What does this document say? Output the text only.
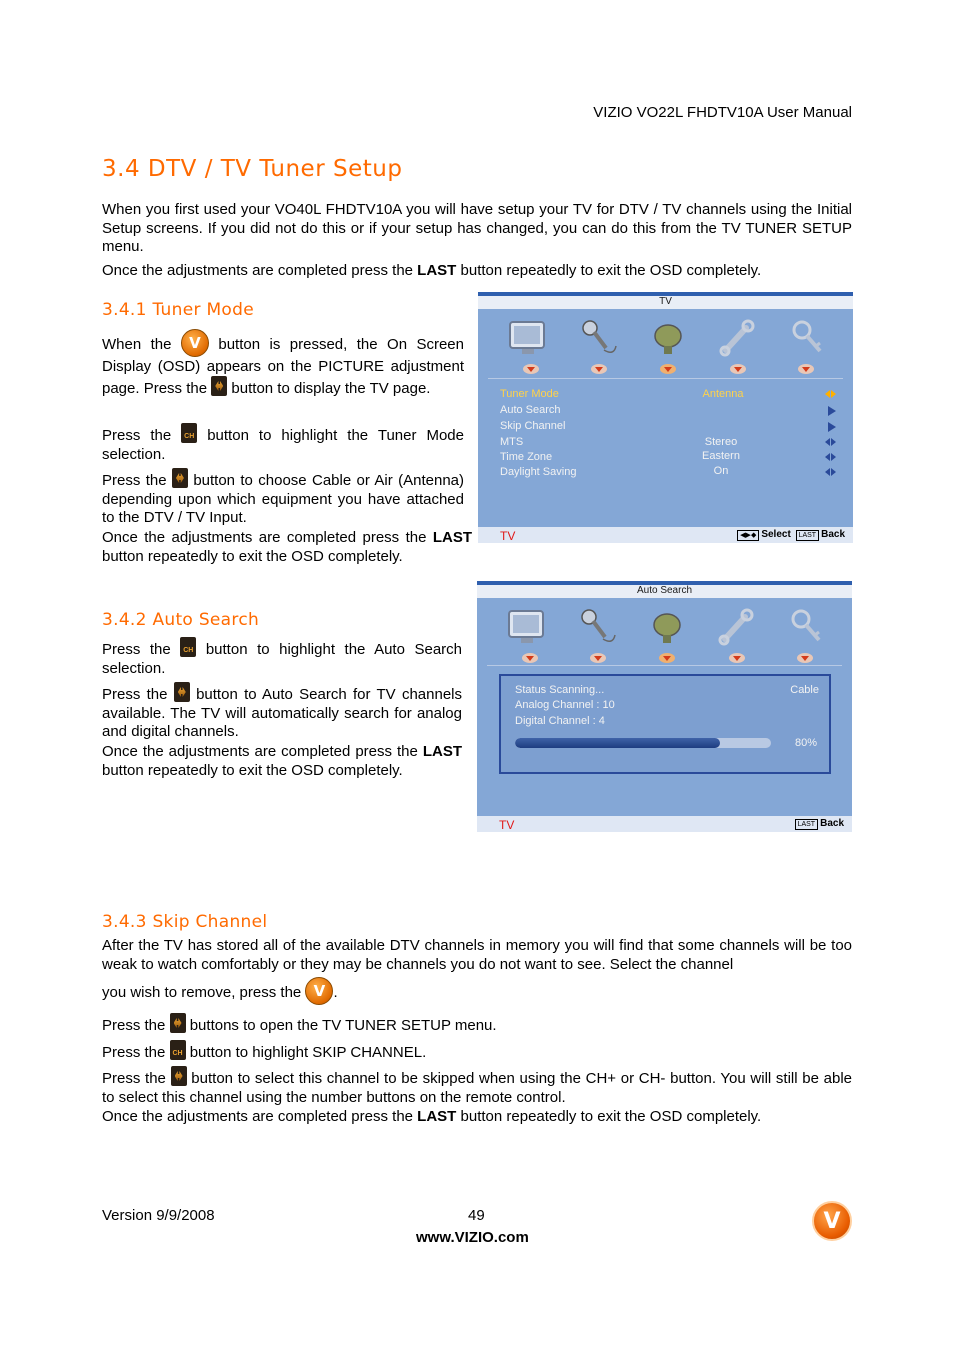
VIZIO VO22L FHDTV10A User Manual
3.4 DTV / TV Tuner Setup
When you first used your VO40L FHDTV10A you will have setup your TV for DTV / TV channels using the Initial Setup screens. If you did not do this or if your setup has changed, you can do this from the TV TUNER SETUP menu.
Once the adjustments are completed press the LAST button repeatedly to exit the OSD completely.
3.4.1 Tuner Mode
When the V	button is pressed, the On Screen Display (OSD) appears on the PICTURE adjustment page. Press the button to display the TV page.
Press the CH button to highlight the Tuner Mode selection.
Press the button to choose Cable or Air (Antenna) depending upon which equipment you have attached to the DTV / TV Input.
Once the adjustments are completed press the LAST button repeatedly to exit the OSD completely.
TV
Tuner Mode	Antenna
Auto Search
Skip Channel
MTS	Stereo
Time Zone	Eastern
Daylight Saving	On
TV	◀▶◆ Select LAST Back
3.4.2 Auto Search
Press the CH button to highlight the Auto Search selection.
Press the button to Auto Search for TV channels available. The TV will automatically search for analog and digital channels.
Once the adjustments are completed press the LAST button repeatedly to exit the OSD completely.
Auto Search
Status Scanning...	Cable
Analog Channel : 10
Digital Channel : 4
80%
TV	LAST Back
3.4.3 Skip Channel
After the TV has stored all of the available DTV channels in memory you will find that some channels will be too weak to watch comfortably or they may be channels you do not want to see. Select the channel
you wish to remove, press the V .
Press the buttons to open the TV TUNER SETUP menu.
Press the CH button to highlight SKIP CHANNEL.
Press the button to select this channel to be skipped when using the CH+ or CH- button. You will still be able to select this channel using the number buttons on the remote control.
Once the adjustments are completed press the LAST button repeatedly to exit the OSD completely.
Version 9/9/2008	49
www.VIZIO.com
V
